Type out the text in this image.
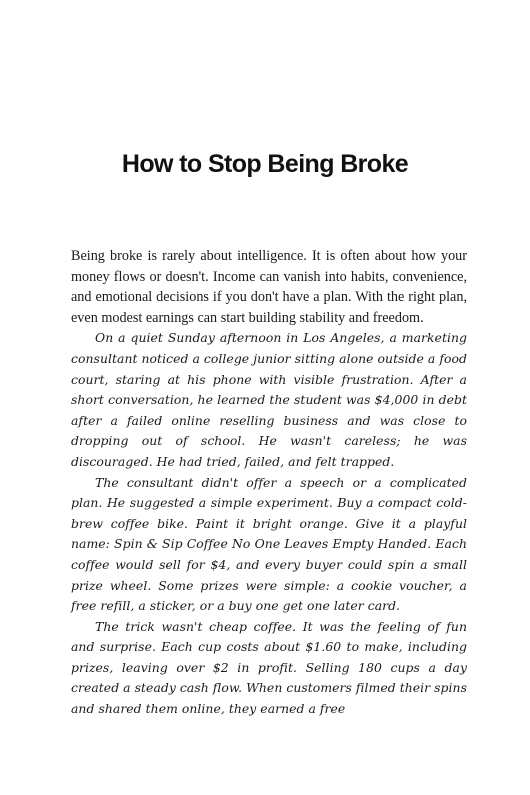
How to Stop Being Broke

Being broke is rarely about intelligence. It is often about how your money flows or doesn't. Income can vanish into habits, convenience, and emotional decisions if you don't have a plan. With the right plan, even modest earnings can start building stability and freedom.

On a quiet Sunday afternoon in Los Angeles, a marketing consultant noticed a college junior sitting alone outside a food court, staring at his phone with visible frustration. After a short conversation, he learned the student was $4,000 in debt after a failed online reselling business and was close to dropping out of school. He wasn't careless; he was discouraged. He had tried, failed, and felt trapped.

The consultant didn't offer a speech or a complicated plan. He suggested a simple experiment. Buy a compact cold-brew coffee bike. Paint it bright orange. Give it a playful name: Spin & Sip Coffee No One Leaves Empty Handed. Each coffee would sell for $4, and every buyer could spin a small prize wheel. Some prizes were simple: a cookie voucher, a free refill, a sticker, or a buy one get one later card.

The trick wasn't cheap coffee. It was the feeling of fun and surprise. Each cup costs about $1.60 to make, including prizes, leaving over $2 in profit. Selling 180 cups a day created a steady cash flow. When customers filmed their spins and shared them online, they earned a free
